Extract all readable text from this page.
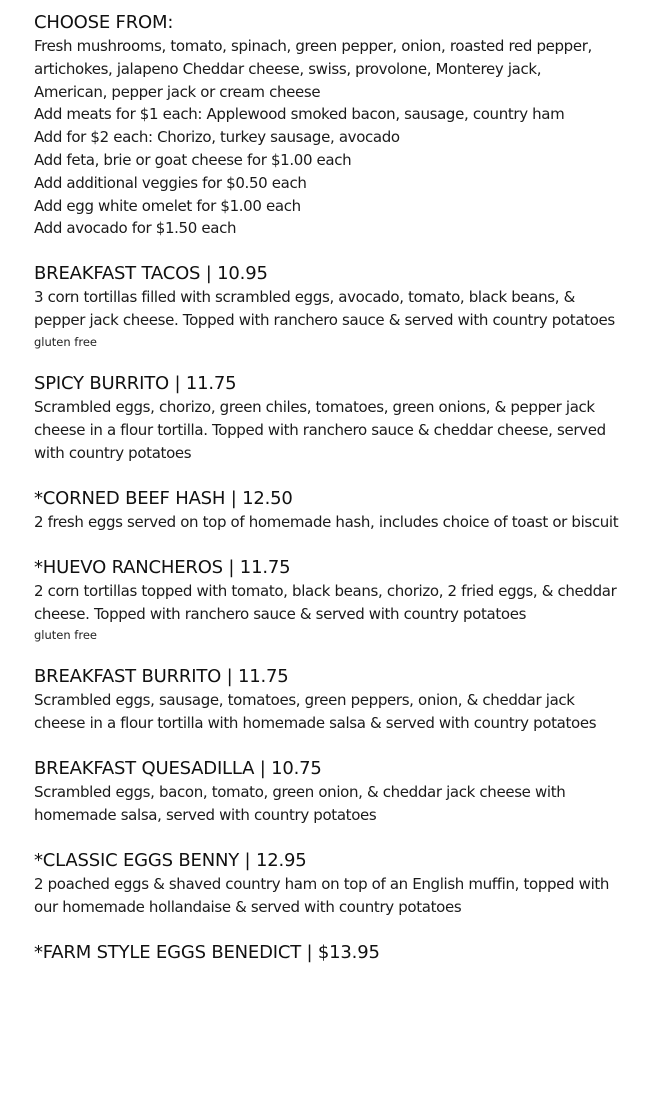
CHOOSE FROM:
Fresh mushrooms, tomato, spinach, green pepper, onion, roasted red pepper,
artichokes, jalapeno Cheddar cheese, swiss, provolone, Monterey jack,
American, pepper jack or cream cheese
Add meats for $1 each: Applewood smoked bacon, sausage, country ham
Add for $2 each: Chorizo, turkey sausage, avocado
Add feta, brie or goat cheese for $1.00 each
Add additional veggies for $0.50 each
Add egg white omelet for $1.00 each
Add avocado for $1.50 each
BREAKFAST TACOS | 10.95
3 corn tortillas filled with scrambled eggs, avocado, tomato, black beans, & pepper jack cheese. Topped with ranchero sauce & served with country potatoes
gluten free
SPICY BURRITO | 11.75
Scrambled eggs, chorizo, green chiles, tomatoes, green onions, & pepper jack cheese in a flour tortilla. Topped with ranchero sauce & cheddar cheese, served with country potatoes
*CORNED BEEF HASH | 12.50
2 fresh eggs served on top of homemade hash, includes choice of toast or biscuit
*HUEVO RANCHEROS | 11.75
2 corn tortillas topped with tomato, black beans, chorizo, 2 fried eggs, & cheddar cheese. Topped with ranchero sauce & served with country potatoes
gluten free
BREAKFAST BURRITO | 11.75
Scrambled eggs, sausage, tomatoes, green peppers, onion, & cheddar jack cheese in a flour tortilla with homemade salsa & served with country potatoes
BREAKFAST QUESADILLA | 10.75
Scrambled eggs, bacon, tomato, green onion, & cheddar jack cheese with homemade salsa, served with country potatoes
*CLASSIC EGGS BENNY | 12.95
2 poached eggs & shaved country ham on top of an English muffin, topped with our homemade hollandaise & served with country potatoes
*FARM STYLE EGGS BENEDICT | $13.95
